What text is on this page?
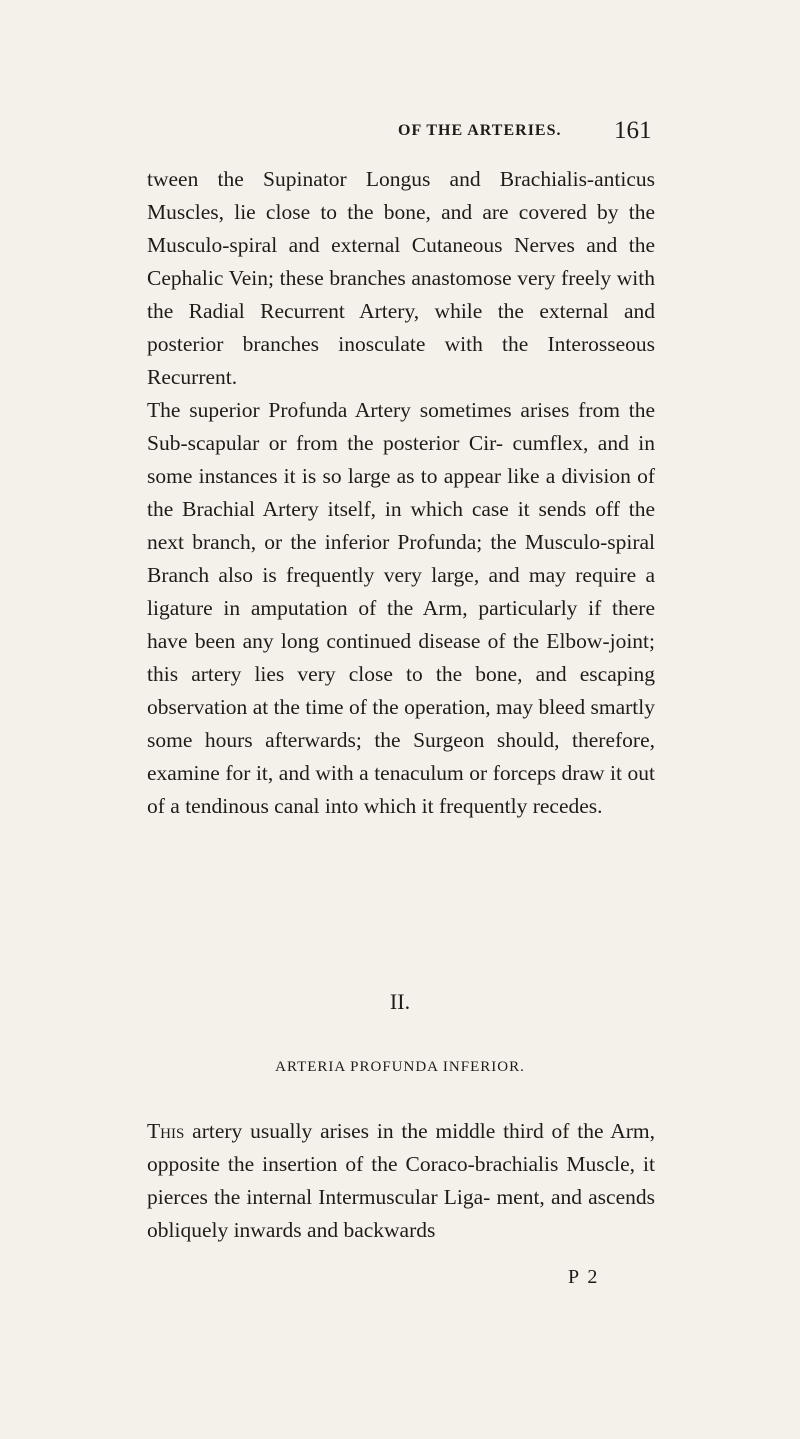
OF THE ARTERIES. 161

tween the Supinator Longus and Brachialis-anticus Muscles, lie close to the bone, and are covered by the Musculo-spiral and external Cutaneous Nerves and the Cephalic Vein; these branches anastomose very freely with the Radial Recurrent Artery, while the external and posterior branches inosculate with the Interosseous Recurrent.

The superior Profunda Artery sometimes arises from the Sub-scapular or from the posterior Cir- cumflex, and in some instances it is so large as to appear like a division of the Brachial Artery itself, in which case it sends off the next branch, or the inferior Profunda; the Musculo-spiral Branch also is frequently very large, and may require a ligature in amputation of the Arm, particularly if there have been any long continued disease of the Elbow-joint; this artery lies very close to the bone, and escaping observation at the time of the operation, may bleed smartly some hours afterwards; the Surgeon should, therefore, examine for it, and with a tenaculum or forceps draw it out of a tendinous canal into which it frequently recedes.

II.
ARTERIA PROFUNDA INFERIOR.

This artery usually arises in the middle third of the Arm, opposite the insertion of the Coraco-brachialis Muscle, it pierces the internal Intermuscular Liga- ment, and ascends obliquely inwards and backwards

P 2
